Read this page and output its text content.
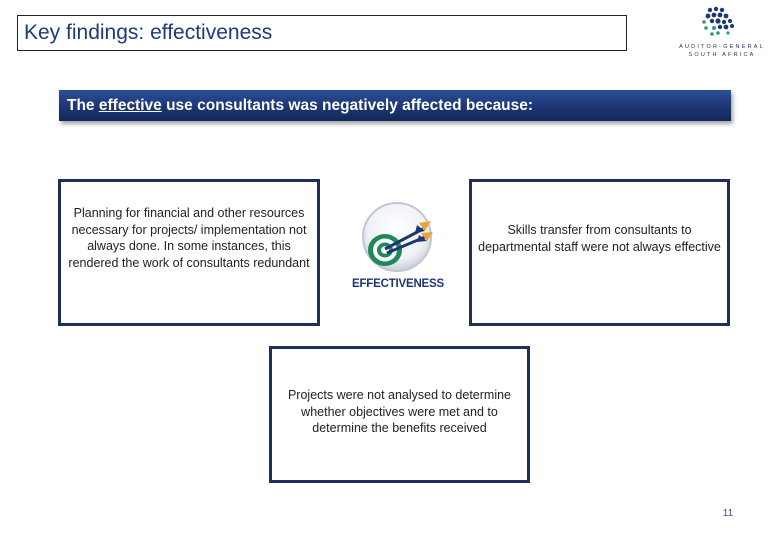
Key findings: effectiveness
AUDITOR-GENERAL
SOUTH AFRICA
The effective use consultants was negatively affected because:
Planning for financial and other resources necessary for projects/ implementation not always done. In some instances, this rendered the work of consultants redundant
Skills transfer from consultants to departmental staff were not always effective
Projects were not analysed to determine whether objectives were met and to determine the benefits received
EFFECTIVENESS
11
